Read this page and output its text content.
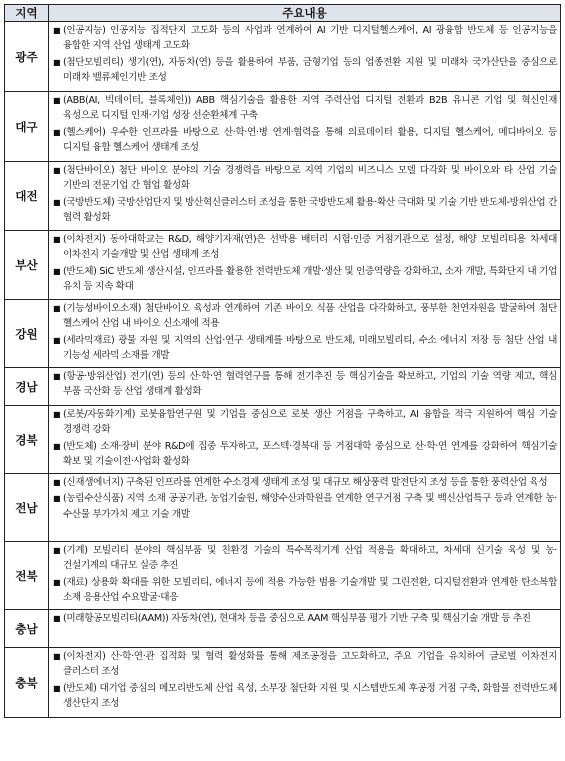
지역	주요내용
광주	■ (인공지능) 인공지능 집적단지 고도화 등의 사업과 연계하여 AI 기반 디지털헬스케어, AI 광융합 반도체 등 인공지능을 융합한 지역 산업 생태계 고도화
■ (첨단모빌리티) 생기(연), 자동차(연) 등을 활용하여 부품, 금형기업 등의 업종전환 지원 및 미래차 국가산단을 중심으로 미래차 밸류체인기반 조성

대구	■ (ABB(AI, 빅데이터, 블록체인)) ABB 핵심기술을 활용한 지역 주력산업 디지털 전환과 B2B 유니콘 기업 및 혁신인재 육성으로 디지털 인재·기업 성장 선순환체계 구축
■ (헬스케어) 우수한 인프라를 바탕으로 산·학·연·병 연계·협력을 통해 의료데이터 활용, 디지털 헬스케어, 메디바이오 등 디지털 융합 헬스케어 생태계 조성

대전	■ (첨단바이오) 첨단 바이오 분야의 기술 경쟁력을 바탕으로 지역 기업의 비즈니스 모델 다각화 및 바이오와 타 산업 기술 기반의 전문기업 간 협업 활성화
■ (국방반도체) 국방산업단지 및 방산혁신클러스터 조성을 통한 국방반도체 활용·확산 극대화 및 기술 기반 반도체-방위산업 간 협력 활성화

부산	■ (이차전지) 동아대학교는 R&D, 해양기자재(연)은 선박용 배터리 시험·인증 거점기관으로 설정, 해양 모빌리티용 차세대 이차전지 기술개발 및 산업 생태계 조성
■ (반도체) SiC 반도체 생산시설, 인프라를 활용한 전력반도체 개발·생산 및 인증역량을 강화하고, 소자 개발, 특화단지 내 기업 유치 등 지속 확대

강원	■ (기능성바이오소재) 첨단바이오 육성과 연계하여 기존 바이오 식품 산업을 다각화하고, 풍부한 천연자원을 발굴하여 첨단 헬스케어 산업 내 바이오 신소재에 적용
■ (세라믹재료) 광물 자원 및 지역의 산업·연구 생태계를 바탕으로 반도체, 미래모빌리티, 수소 에너지 저장 등 첨단 산업 내 기능성 세라믹 소재를 개발

경남	■ (항공·방위산업) 전기(연) 등의 산·학·연 협력연구를 통해 전기추진 등 핵심기술을 확보하고, 기업의 기술 역량 제고, 핵심 부품 국산화 등 산업 생태계 활성화

경북	■ (로봇/자동화기계) 로봇융합연구원 및 기업을 중심으로 로봇 생산 거점을 구축하고, AI 융합을 적극 지원하여 핵심 기술 경쟁력 강화
■ (반도체) 소재·장비 분야 R&D에 집중 투자하고, 포스텍·경북대 등 거점대학 중심으로 산·학·연 연계를 강화하여 핵심기술 확보 및 기술이전·사업화 활성화

전남	■ (신재생에너지) 구축된 인프라를 연계한 수소경제 생태계 조성 및 대규모 해상풍력 발전단지 조성 등을 통한 풍력산업 육성
■ (농림수산식품) 지역 소재 공공기관, 농업기술원, 해양수산과학원을 연계한 연구거점 구축 및 백신산업특구 등과 연계한 농·수산물 부가가치 제고 기술 개발

전북	■ (기계) 모빌리티 분야의 핵심부품 및 친환경 기술의 특수목적기계 산업 적용을 확대하고, 차세대 신기술 육성 및 농·건설기계의 대규모 실증 추진
■ (재료) 상용화 확대를 위한 모빌리티, 에너지 등에 적용 가능한 범용 기술개발 및 그린전환, 디지털전환과 연계한 탄소복합 소재 응용산업 수요발굴·대응

충남	■ (미래항공모빌리티(AAM)) 자동차(연), 현대차 등을 중심으로 AAM 핵심부품 평가 기반 구축 및 핵심기술 개발 등 추진

충북	■ (이차전지) 산·학·연·관 집적화 및 협력 활성화를 통해 제조공정을 고도화하고, 주요 기업을 유치하여 글로벌 이차전지 클러스터 조성
■ (반도체) 대기업 중심의 메모리반도체 산업 육성, 소부장 첨단화 지원 및 시스템반도체 후공정 거점 구축, 화합물 전력반도체 생산단지 조성
